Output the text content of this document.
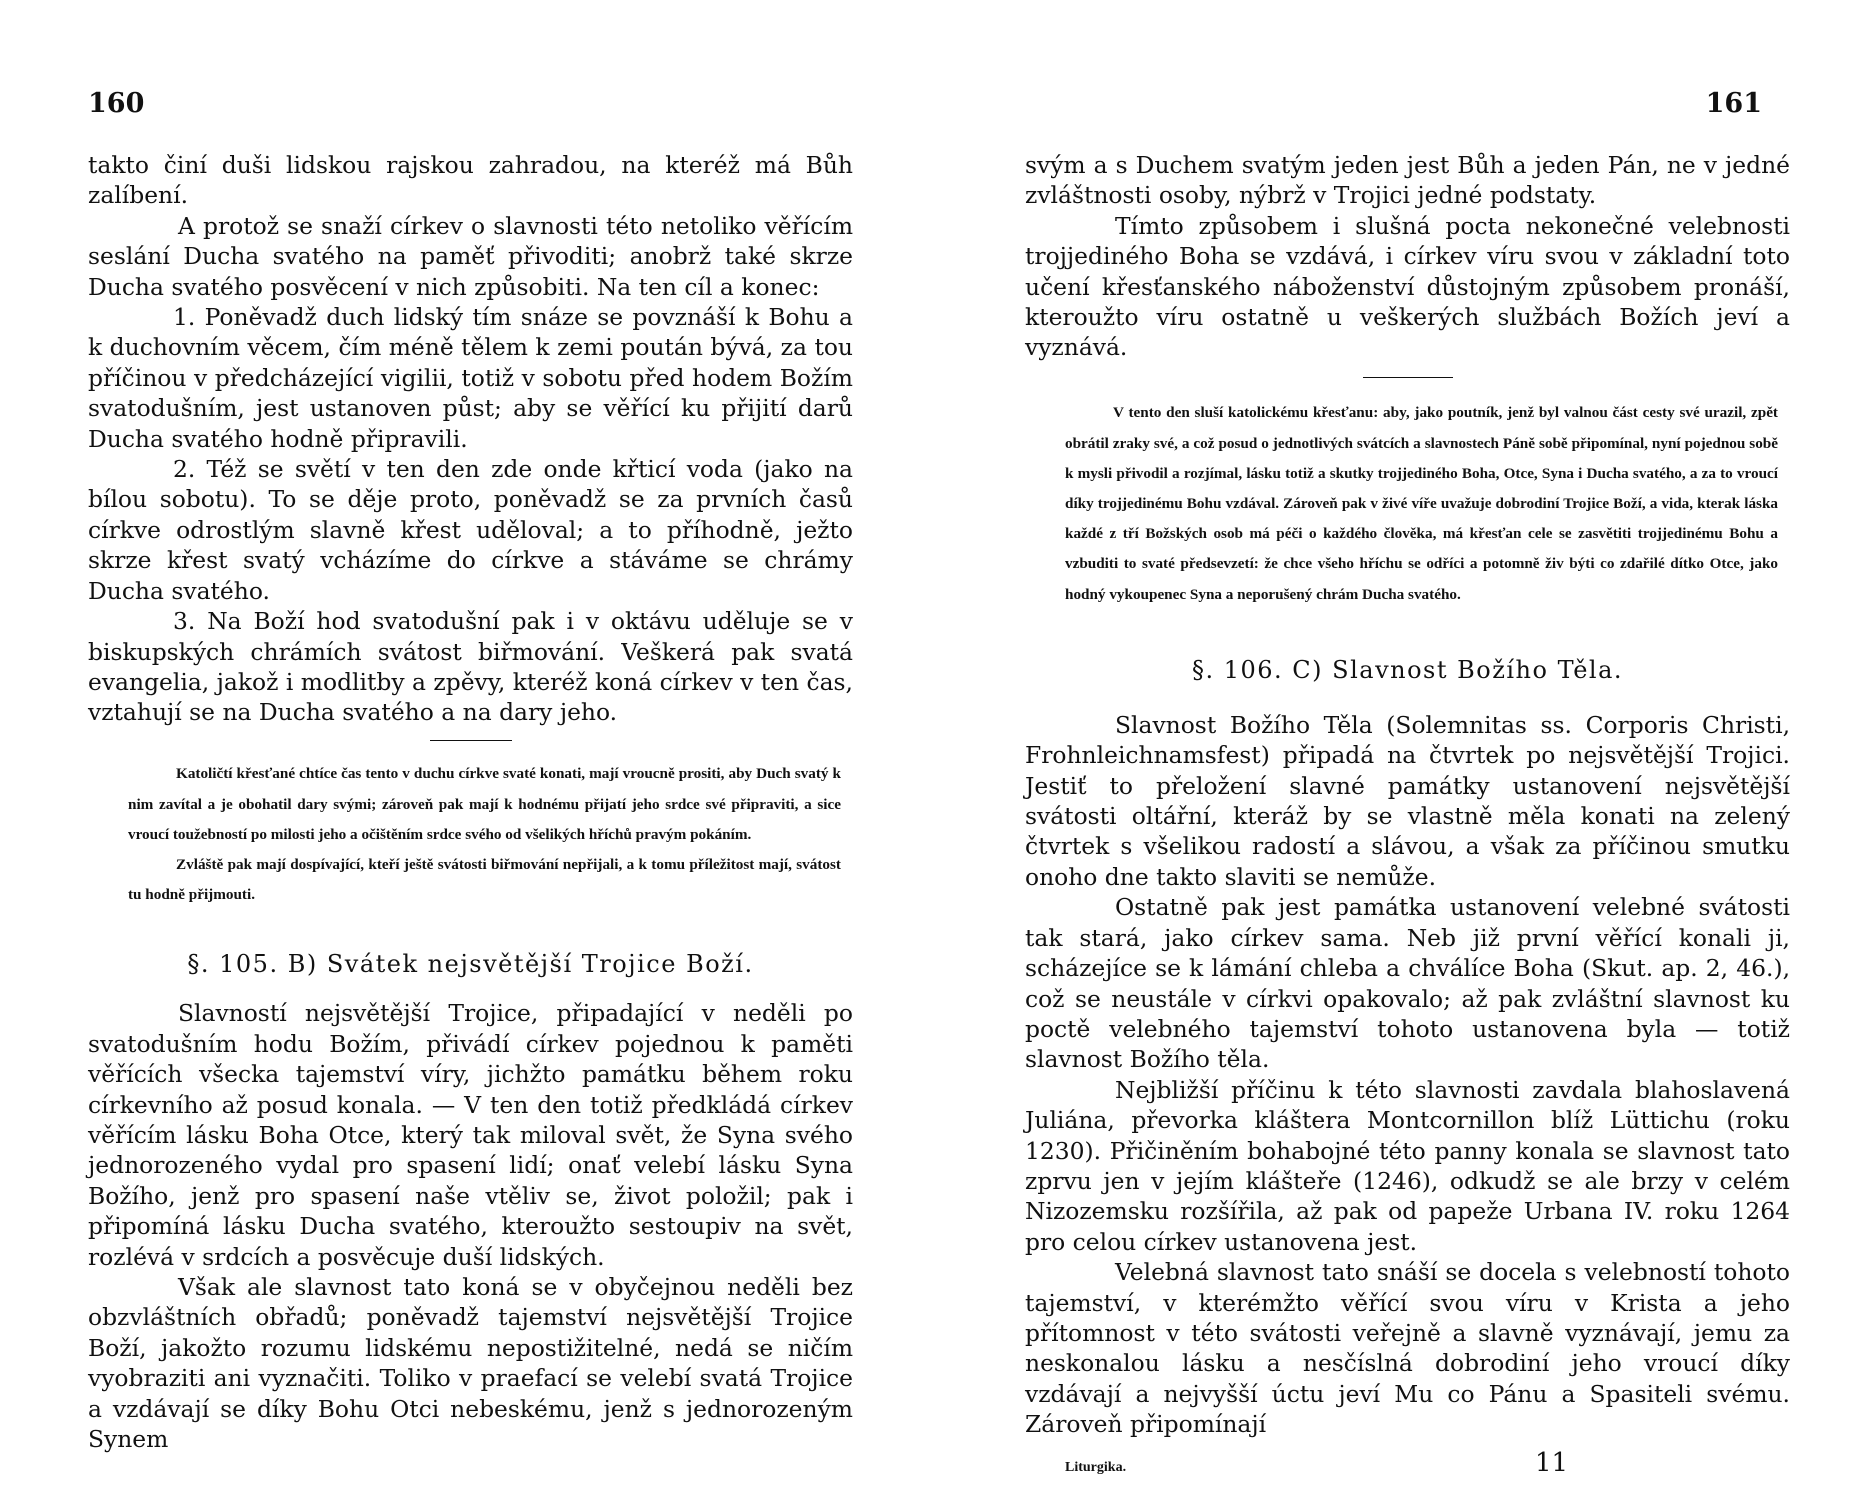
160

takto činí duši lidskou rajskou zahradou, na kteréž má Bůh zalíbení.

A protož se snaží církev o slavnosti této netoliko věřícím seslání Ducha svatého na paměť přivoditi; anobrž také skrze Ducha svatého posvěcení v nich způsobiti. Na ten cíl a konec:

1. Poněvadž duch lidský tím snáze se povznáší k Bohu a k duchovním věcem, čím méně tělem k zemi poután bývá, za tou příčinou v předcházející vigilii, totiž v sobotu před hodem Božím svatodušním, jest ustanoven půst; aby se věřící ku přijití darů Ducha svatého hodně připravili.

2. Též se světí v ten den zde onde křticí voda (jako na bílou sobotu). To se děje proto, poněvadž se za prvních časů církve odrostlým slavně křest uděloval; a to příhodně, ježto skrze křest svatý vcházíme do církve a stáváme se chrámy Ducha svatého.

3. Na Boží hod svatodušní pak i v oktávu uděluje se v biskupských chrámích svátost biřmování. Veškerá pak svatá evangelia, jakož i modlitby a zpěvy, kteréž koná církev v ten čas, vztahují se na Ducha svatého a na dary jeho.

Katoličtí křesťané chtíce čas tento v duchu církve svaté konati, mají vroucně prositi, aby Duch svatý k nim zavítal a je obohatil dary svými; zároveň pak mají k hodnému přijatí jeho srdce své připraviti, a sice vroucí toužebností po milosti jeho a očištěním srdce svého od všelikých hříchů pravým pokáním.

Zvláště pak mají dospívající, kteří ještě svátosti biřmování nepřijali, a k tomu příležitost mají, svátost tu hodně přijmouti.

§. 105. B) Svátek nejsvětější Trojice Boží.

Slavností nejsvětější Trojice, připadající v neděli po svatodušním hodu Božím, přivádí církev pojednou k paměti věřících všecka tajemství víry, jichžto památku během roku církevního až posud konala. — V ten den totiž předkládá církev věřícím lásku Boha Otce, který tak miloval svět, že Syna svého jednorozeného vydal pro spasení lidí; onať velebí lásku Syna Božího, jenž pro spasení naše vtěliv se, život položil; pak i připomíná lásku Ducha svatého, kteroužto sestoupiv na svět, rozlévá v srdcích a posvěcuje duší lidských.

Však ale slavnost tato koná se v obyčejnou neděli bez obzvláštních obřadů; poněvadž tajemství nejsvětější Trojice Boží, jakožto rozumu lidskému nepostižitelné, nedá se ničím vyobraziti ani vyznačiti. Toliko v praefací se velebí svatá Trojice a vzdávají se díky Bohu Otci nebeskému, jenž s jednorozeným Synem

161

svým a s Duchem svatým jeden jest Bůh a jeden Pán, ne v jedné zvláštnosti osoby, nýbrž v Trojici jedné podstaty.

Tímto způsobem i slušná pocta nekonečné velebnosti trojjediného Boha se vzdává, i církev víru svou v základní toto učení křesťanského náboženství důstojným způsobem pronáší, kteroužto víru ostatně u veškerých službách Božích jeví a vyznává.

V tento den sluší katolickému křesťanu: aby, jako poutník, jenž byl valnou část cesty své urazil, zpět obrátil zraky své, a což posud o jednotlivých svátcích a slavnostech Páně sobě připomínal, nyní pojednou sobě k mysli přivodil a rozjímal, lásku totiž a skutky trojjediného Boha, Otce, Syna i Ducha svatého, a za to vroucí díky trojjedinému Bohu vzdával. Zároveň pak v živé víře uvažuje dobrodiní Trojice Boží, a vida, kterak láska každé z tří Božských osob má péči o každého člověka, má křesťan cele se zasvětiti trojjedinému Bohu a vzbuditi to svaté předsevzetí: že chce všeho hříchu se odříci a potomně živ býti co zdařilé dítko Otce, jako hodný vykoupenec Syna a neporušený chrám Ducha svatého.

§. 106. C) Slavnost Božího Těla.

Slavnost Božího Těla (Solemnitas ss. Corporis Christi, Frohnleichnamsfest) připadá na čtvrtek po nejsvětější Trojici. Jestiť to přeložení slavné památky ustanovení nejsvětější svátosti oltářní, kteráž by se vlastně měla konati na zelený čtvrtek s všelikou radostí a slávou, a však za příčinou smutku onoho dne takto slaviti se nemůže.

Ostatně pak jest památka ustanovení velebné svátosti tak stará, jako církev sama. Neb již první věřící konali ji, scházejíce se k lámání chleba a chválíce Boha (Skut. ap. 2, 46.), což se neustále v církvi opakovalo; až pak zvláštní slavnost ku poctě velebného tajemství tohoto ustanovena byla — totiž slavnost Božího těla.

Nejbližší příčinu k této slavnosti zavdala blahoslavená Juliána, převorka kláštera Montcornillon blíž Lüttichu (roku 1230). Přičiněním bohabojné této panny konala se slavnost tato zprvu jen v jejím klášteře (1246), odkudž se ale brzy v celém Nizozemsku rozšířila, až pak od papeže Urbana IV. roku 1264 pro celou církev ustanovena jest.

Velebná slavnost tato snáší se docela s velebností tohoto tajemství, v kterémžto věřící svou víru v Krista a jeho přítomnost v této svátosti veřejně a slavně vyznávají, jemu za neskonalou lásku a nesčíslná dobrodiní jeho vroucí díky vzdávají a nejvyšší úctu jeví Mu co Pánu a Spasiteli svému. Zároveň připomínají

Liturgika.	11
